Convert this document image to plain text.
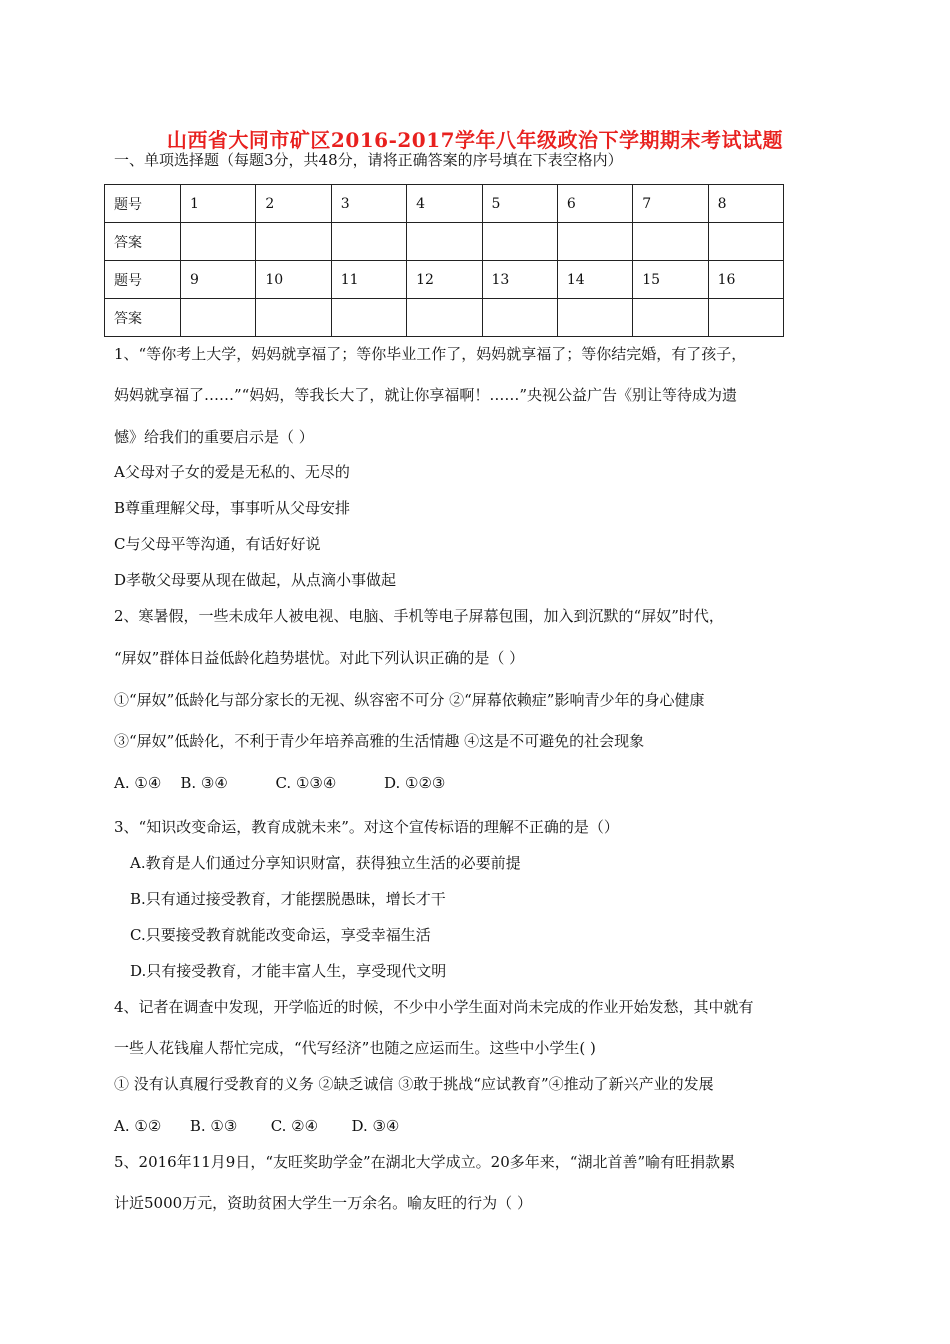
山西省大同市矿区2016-2017学年八年级政治下学期期末考试试题
一、单项选择题（每题3分，共48分，请将正确答案的序号填在下表空格内）
题号	1	2	3	4	5	6	7	8
答案								
题号	9	10	11	12	13	14	15	16
答案								
1、“等你考上大学，妈妈就享福了；等你毕业工作了，妈妈就享福了；等你结完婚，有了孩子，
妈妈就享福了……”“妈妈，等我长大了，就让你享福啊！……”央视公益广告《别让等待成为遗
憾》给我们的重要启示是（ ）
A父母对子女的爱是无私的、无尽的
B尊重理解父母，事事听从父母安排
C与父母平等沟通，有话好好说
D孝敬父母要从现在做起，从点滴小事做起
2、寒暑假，一些未成年人被电视、电脑、手机等电子屏幕包围，加入到沉默的“屏奴”时代，
“屏奴”群体日益低龄化趋势堪忧。对此下列认识正确的是（ ）
①“屏奴”低龄化与部分家长的无视、纵容密不可分 ②“屏幕依赖症”影响青少年的身心健康
③“屏奴”低龄化，不利于青少年培养高雅的生活情趣 ④这是不可避免的社会现象
A. ①④    B. ③④          C. ①③④          D. ①②③
3、“知识改变命运，教育成就未来”。对这个宣传标语的理解不正确的是（）
A.教育是人们通过分享知识财富，获得独立生活的必要前提
B.只有通过接受教育，才能摆脱愚昧，增长才干
C.只要接受教育就能改变命运，享受幸福生活
D.只有接受教育，才能丰富人生，享受现代文明
4、记者在调查中发现，开学临近的时候，不少中小学生面对尚未完成的作业开始发愁，其中就有
一些人花钱雇人帮忙完成，“代写经济”也随之应运而生。这些中小学生( )
① 没有认真履行受教育的义务 ②缺乏诚信 ③敢于挑战“应试教育”④推动了新兴产业的发展
A. ①②      B. ①③       C. ②④       D. ③④
5、2016年11月9日，“友旺奖助学金”在湖北大学成立。20多年来，“湖北首善”喻有旺捐款累
计近5000万元，资助贫困大学生一万余名。喻友旺的行为（ ）
